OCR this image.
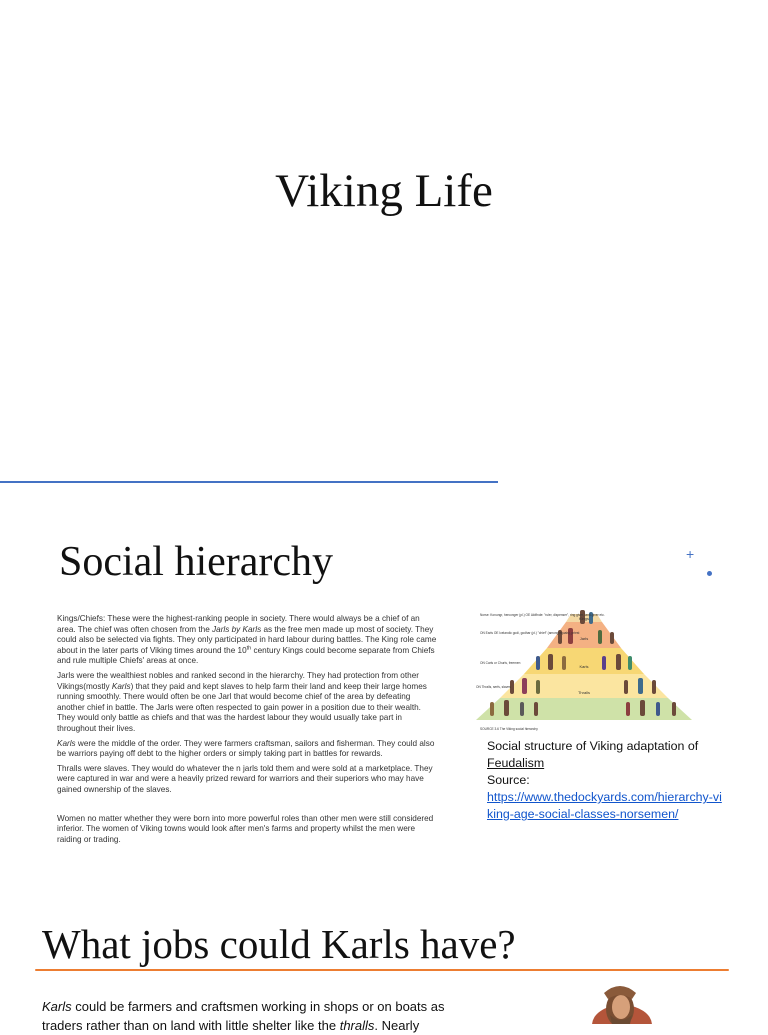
Viking Life
Social hierarchy	+

Kings/Chiefs: These were the highest-ranking people in society. There would always be a chief of an area. The chief was often chosen from the Jarls by Karls as the free men made up most of society. They could also be selected via fights. They only participated in hard labour during battles. The King role came about in the later parts of Viking times around the 10th century Kings could become separate from Chiefs and rule multiple Chiefs' areas at once.

Jarls were the wealthiest nobles and ranked second in the hierarchy. They had protection from other Vikings(mostly Karls) that they paid and kept slaves to help farm their land and keep their large homes running smoothly. There would often be one Jarl that would become chief of the area by defeating another chief in battle. The Jarls were often respected to gain power in a position due to their wealth. They would only battle as chiefs and that was the hardest labour they would usually take part in throughout their lives.

Karls were the middle of the order. They were farmers craftsman, sailors and fisherman. They could also be warriors paying off debt to the higher orders or simply taking part in battles for rewards.

Thralls were slaves. They would do whatever the n jarls told them and were sold at a marketplace. They were captured in war and were a heavily prized reward for warriors and their superiors who may have gained ownership of the slaves.

Women no matter whether they were born into more powerful roles than other men were still considered inferior. The women of Viking towns would look after men's farms and property whilst the men were raiding or trading.

Kings
Jarls
Karls
Thralls
Norse: Konungr, herconger (pl.) OE Aldfinde: "ruler, dispenser", ring giver, land-giver etc.
ON Earls OE Icelandic godi, godhar (pl.) "chief" (among equals), priest
ON Carls or Churls, freemen
ON Thralls, serfs, slaves
SOURCE 3.6 The Viking social hierarchy
Social structure of Viking adaptation of
Feudalism
Source:
https://www.thedockyards.com/hierarchy-viking-age-social-classes-norsemen/
What jobs could Karls have?
Karls could be farmers and craftsmen working in shops or on boats as traders rather than on land with little shelter like the thralls. Nearly
